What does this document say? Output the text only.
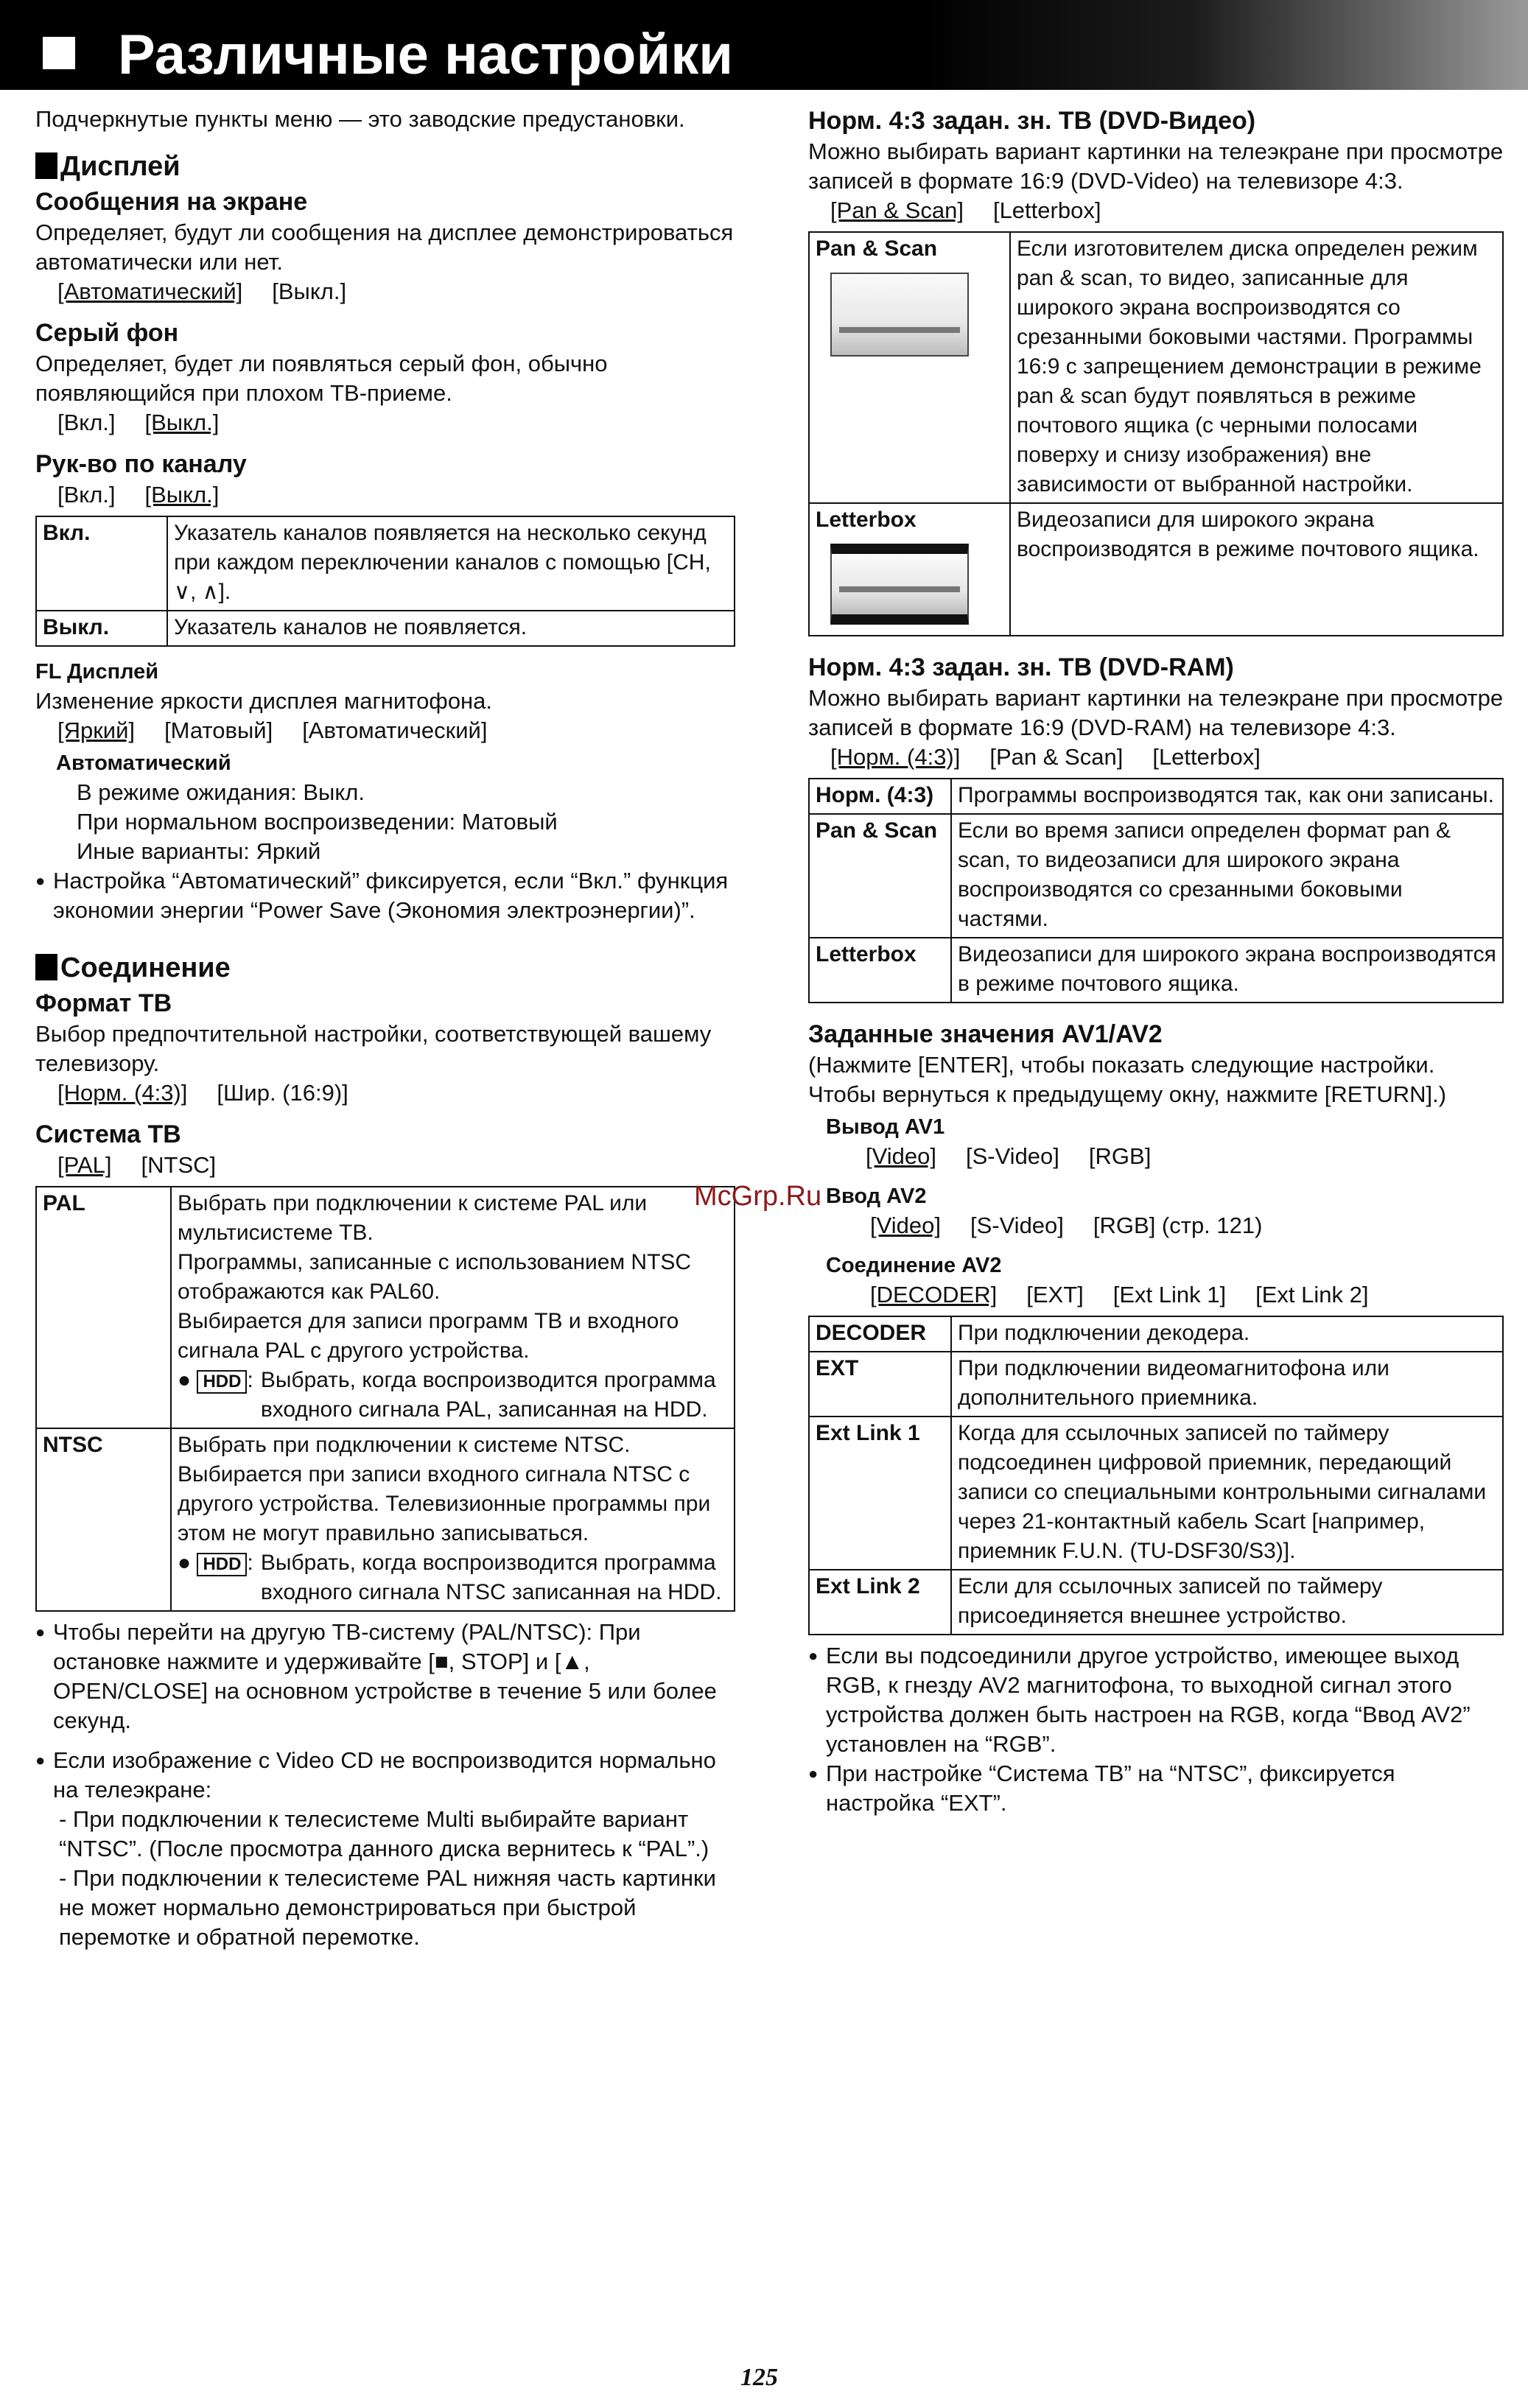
Различные настройки

Подчеркнутые пункты меню — это заводские предустановки.

Дисплей
Сообщения на экране

Определяет, будут ли сообщения на дисплее демонстрироваться автоматически или нет.

[Автоматический] [Выкл.]

Серый фон

Определяет, будет ли появляться серый фон, обычно появляющийся при плохом ТВ-приеме.

[Вкл.] [Выкл.]

Рук-во по каналу

[Вкл.] [Выкл.]

Вкл.	Указатель каналов появляется на несколько секунд при каждом переключении каналов с помощью [CH, ∨, ∧].
Выкл.	Указатель каналов не появляется.
FL Дисплей

Изменение яркости дисплея магнитофона.

[Яркий] [Матовый] [Автоматический]

Автоматический

В режиме ожидания: Выкл.

При нормальном воспроизведении: Матовый

Иные варианты: Яркий

● Настройка “Автоматический” фиксируется, если “Вкл.” функция экономии энергии “Power Save (Экономия электроэнергии)”.

Соединение
Формат ТВ

Выбор предпочтительной настройки, соответствующей вашему телевизору.

[Норм. (4:3)] [Шир. (16:9)]

Система ТВ

[PAL] [NTSC]

PAL	Выбрать при подключении к системе PAL или мультисистеме ТВ.

Программы, записанные с использованием NTSC отображаются как PAL60.

Выбирается для записи программ ТВ и входного сигнала PAL с другого устройства.

● HDD : Выбрать, когда воспроизводится программа входного сигнала PAL, записанная на HDD.

NTSC	Выбрать при подключении к системе NTSC.

Выбирается при записи входного сигнала NTSC с другого устройства. Телевизионные программы при этом не могут правильно записываться.

● HDD : Выбрать, когда воспроизводится программа входного сигнала NTSC записанная на HDD.

● Чтобы перейти на другую ТВ-систему (PAL/NTSC): При остановке нажмите и удерживайте [■, STOP] и [▲, OPEN/CLOSE] на основном устройстве в течение 5 или более секунд.

● Если изображение с Video CD не воспроизводится нормально на телеэкране:

- При подключении к телесистеме Multi выбирайте вариант “NTSC”. (После просмотра данного диска вернитесь к “PAL”.)

- При подключении к телесистеме PAL нижняя часть картинки не может нормально демонстрироваться при быстрой перемотке и обратной перемотке.

Норм. 4:3 задан. зн. ТВ (DVD-Видео)

Можно выбирать вариант картинки на телеэкране при просмотре записей в формате 16:9 (DVD-Video) на телевизоре 4:3.

[Pan & Scan] [Letterbox]

Pan & Scan	Если изготовителем диска определен режим pan & scan, то видео, записанные для широкого экрана воспроизводятся со срезанными боковыми частями. Программы 16:9 с запрещением демонстрации в режиме pan & scan будут появляться в режиме почтового ящика (с черными полосами поверху и снизу изображения) вне зависимости от выбранной настройки.

Letterbox	Видеозаписи для широкого экрана воспроизводятся в режиме почтового ящика.
Норм. 4:3 задан. зн. ТВ (DVD-RAM)

Можно выбирать вариант картинки на телеэкране при просмотре записей в формате 16:9 (DVD-RAM) на телевизоре 4:3.

[Норм. (4:3)] [Pan & Scan] [Letterbox]

Норм. (4:3)	Программы воспроизводятся так, как они записаны.
Pan & Scan	Если во время записи определен формат pan & scan, то видеозаписи для широкого экрана воспроизводятся со срезанными боковыми частями.
Letterbox	Видеозаписи для широкого экрана воспроизводятся в режиме почтового ящика.
Заданные значения AV1/AV2

(Нажмите [ENTER], чтобы показать следующие настройки. Чтобы вернуться к предыдущему окну, нажмите [RETURN].)

Вывод AV1

[Video] [S-Video] [RGB]

Ввод AV2

[Video] [S-Video] [RGB] (стр. 121)

Соединение AV2

[DECODER] [EXT] [Ext Link 1] [Ext Link 2]

DECODER	При подключении декодера.
EXT	При подключении видеомагнитофона или дополнительного приемника.
Ext Link 1	Когда для ссылочных записей по таймеру подсоединен цифровой приемник, передающий записи со специальными контрольными сигналами через 21-контактный кабель Scart [например, приемник F.U.N. (TU-DSF30/S3)].
Ext Link 2	Если для ссылочных записей по таймеру присоединяется внешнее устройство.

● Если вы подсоединили другое устройство, имеющее выход RGB, к гнезду AV2 магнитофона, то выходной сигнал этого устройства должен быть настроен на RGB, когда “Ввод AV2” установлен на “RGB”.

● При настройке “Система ТВ” на “NTSC”, фиксируется настройка “EXT”.

McGrp.Ru
125
